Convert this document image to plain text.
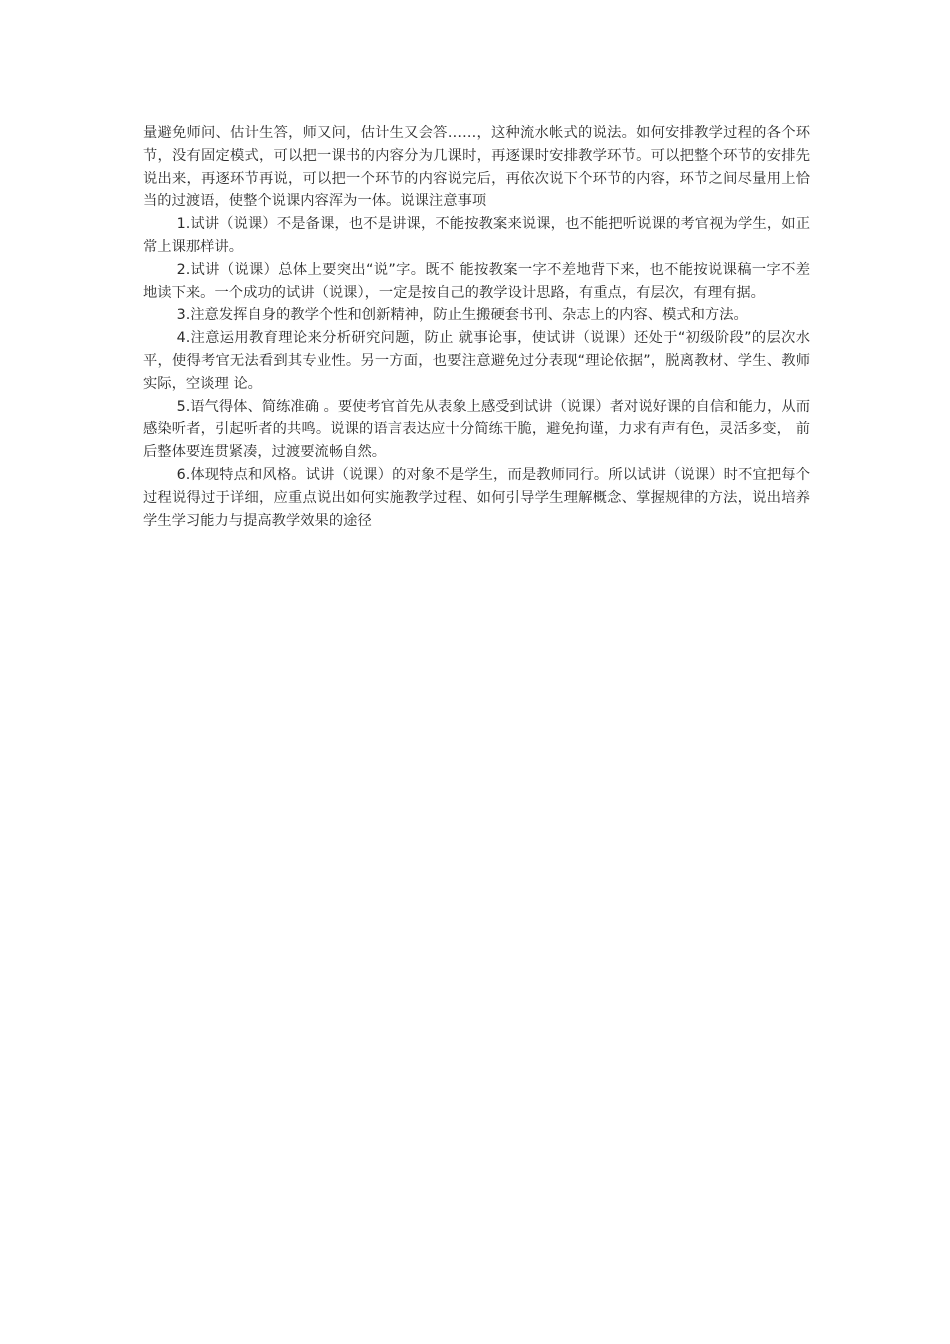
量避免师问、估计生答，师又问，估计生又会答……，这种流水帐式的说法。如何安排教学过程的各个环节，没有固定模式，可以把一课书的内容分为几课时，再逐课时安排教学环节。可以把整个环节的安排先说出来，再逐环节再说，可以把一个环节的内容说完后，再依次说下个环节的内容，环节之间尽量用上恰当的过渡语，使整个说课内容浑为一体。说课注意事项

1.试讲（说课）不是备课，也不是讲课，不能按教案来说课，也不能把听说课的考官视为学生，如正常上课那样讲。

2.试讲（说课）总体上要突出“说”字。既不 能按教案一字不差地背下来，也不能按说课稿一字不差地读下来。一个成功的试讲（说课），一定是按自己的教学设计思路，有重点，有层次，有理有据。

3.注意发挥自身的教学个性和创新精神，防止生搬硬套书刊、杂志上的内容、模式和方法。

4.注意运用教育理论来分析研究问题，防止 就事论事，使试讲（说课）还处于“初级阶段”的层次水平，使得考官无法看到其专业性。另一方面，也要注意避免过分表现“理论依据”，脱离教材、学生、教师实际，空谈理 论。

5.语气得体、简练准确 。要使考官首先从表象上感受到试讲（说课）者对说好课的自信和能力，从而感染听者，引起听者的共鸣。说课的语言表达应十分简练干脆，避免拘谨，力求有声有色，灵活多变， 前后整体要连贯紧凑，过渡要流畅自然。

6.体现特点和风格。试讲（说课）的对象不是学生，而是教师同行。所以试讲（说课）时不宜把每个过程说得过于详细，应重点说出如何实施教学过程、如何引导学生理解概念、掌握规律的方法，说出培养学生学习能力与提高教学效果的途径
